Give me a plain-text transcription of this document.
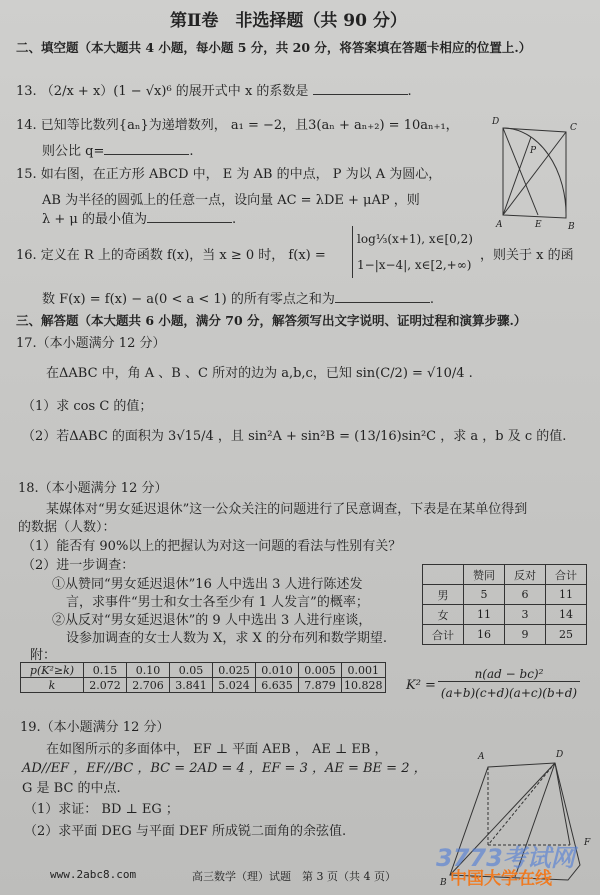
第Ⅱ卷　非选择题（共 90 分）
二、填空题（本大题共 4 小题，每小题 5 分，共 20 分，将答案填在答题卡相应的位置上.）
13. （2/x + x）(1 − √x)⁶ 的展开式中 x 的系数是	.
14. 已知等比数列{aₙ}为递增数列， a₁ = −2，且3(aₙ + aₙ₊₂) = 10aₙ₊₁，
则公比 q=	.
15. 如右图，在正方形 ABCD 中， E 为 AB 的中点， P 为以 A 为圆心，
AB 为半径的圆弧上的任意一点，设向量 AC = λDE + μAP ，则
λ + μ 的最小值为	.
D
C
P
A	E	B
16. 定义在 R 上的奇函数 f(x)，当 x ≥ 0 时， f(x) =
log⅓(x+1), x∈[0,2)
1−|x−4|, x∈[2,+∞)
，则关于 x 的函
数 F(x) = f(x) − a(0 < a < 1) 的所有零点之和为	.
三、解答题（本大题共 6 小题，满分 70 分，解答须写出文字说明、证明过程和演算步骤.）
17.（本小题满分 12 分）
在ΔABC 中，角 A 、B 、C 所对的边为 a,b,c，已知 sin(C/2) = √10/4 .
（1）求 cos C 的值；
（2）若ΔABC 的面积为 3√15/4 ，且 sin²A + sin²B = (13/16)sin²C ，求 a ，b 及 c 的值.
18.（本小题满分 12 分）
某媒体对“男女延迟退休”这一公众关注的问题进行了民意调查，下表是在某单位得到
的数据（人数）：
（1）能否有 90%以上的把握认为对这一问题的看法与性别有关？
（2）进一步调查：
①从赞同“男女延迟退休”16 人中选出 3 人进行陈述发
言，求事件“男士和女士各至少有 1 人发言”的概率；
②从反对“男女延迟退休”的 9 人中选出 3 人进行座谈，
设参加调查的女士人数为 X，求 X 的分布列和数学期望.
附：
	赞同	反对	合计
男	5	6	11
女	11	3	14
合计	16	9	25
p(K²≥k)	0.15	0.10	0.05	0.025	0.010	0.005	0.001
k	2.072	2.706	3.841	5.024	6.635	7.879	10.828 K² =
n(ad − bc)²
(a+b)(c+d)(a+c)(b+d)
19.（本小题满分 12 分）
在如图所示的多面体中， EF ⊥ 平面 AEB ， AE ⊥ EB ，
AD//EF ，EF//BC ，BC = 2AD = 4 ，EF = 3 ，AE = BE = 2 ，
G 是 BC 的中点.
（1）求证： BD ⊥ EG ；
（2）求平面 DEG 与平面 DEF 所成锐二面角的余弦值.
A	D
F
B
3773考试网
中国大学在线
www.2abc8.com	高三数学（理）试题　第 3 页（共 4 页）
